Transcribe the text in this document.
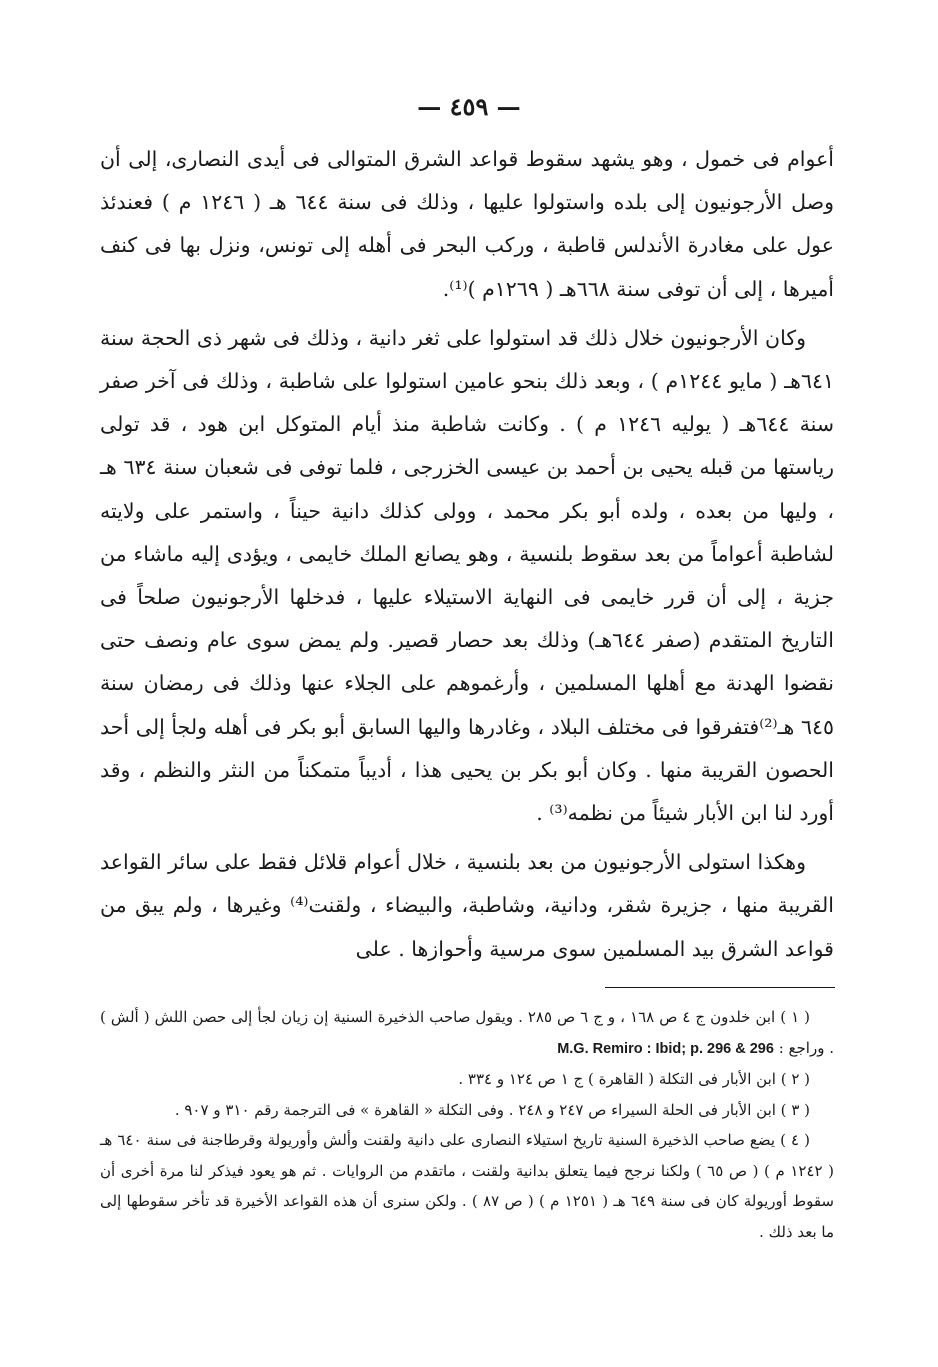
— ٤٥٩ —

أعوام فى خمول ، وهو يشهد سقوط قواعد الشرق المتوالى فى أيدى النصارى، إلى أن وصل الأرجونيون إلى بلده واستولوا عليها ، وذلك فى سنة ٦٤٤ هـ ( ١٢٤٦ م ) فعندئذ عول على مغادرة الأندلس قاطبة ، وركب البحر فى أهله إلى تونس، ونزل بها فى كنف أميرها ، إلى أن توفى سنة ٦٦٨هـ ( ١٢٦٩م )⁽¹⁾.

وكان الأرجونيون خلال ذلك قد استولوا على ثغر دانية ، وذلك فى شهر ذى الحجة سنة ٦٤١هـ ( مايو ١٢٤٤م ) ، وبعد ذلك بنحو عامين استولوا على شاطبة ، وذلك فى آخر صفر سنة ٦٤٤هـ ( يوليه ١٢٤٦ م ) . وكانت شاطبة منذ أيام المتوكل ابن هود ، قد تولى رياستها من قبله يحيى بن أحمد بن عيسى الخزرجى ، فلما توفى فى شعبان سنة ٦٣٤ هـ ، وليها من بعده ، ولده أبو بكر محمد ، وولى كذلك دانية حيناً ، واستمر على ولايته لشاطبة أعواماً من بعد سقوط بلنسية ، وهو يصانع الملك خايمى ، ويؤدى إليه ماشاء من جزية ، إلى أن قرر خايمى فى النهاية الاستيلاء عليها ، فدخلها الأرجونيون صلحاً فى التاريخ المتقدم (صفر ٦٤٤هـ) وذلك بعد حصار قصير. ولم يمض سوى عام ونصف حتى نقضوا الهدنة مع أهلها المسلمين ، وأرغموهم على الجلاء عنها وذلك فى رمضان سنة ٦٤٥ هـ⁽²⁾فتفرقوا فى مختلف البلاد ، وغادرها واليها السابق أبو بكر فى أهله ولجأ إلى أحد الحصون القريبة منها . وكان أبو بكر بن يحيى هذا ، أديباً متمكناً من النثر والنظم ، وقد أورد لنا ابن الأبار شيئاً من نظمه⁽³⁾ .

وهكذا استولى الأرجونيون من بعد بلنسية ، خلال أعوام قلائل فقط على سائر القواعد القريبة منها ، جزيرة شقر، ودانية، وشاطبة، والبيضاء ، ولقنت⁽⁴⁾ وغيرها ، ولم يبق من قواعد الشرق بيد المسلمين سوى مرسية وأحوازها . على

( ١ ) ابن خلدون ج ٤ ص ١٦٨ ، و ج ٦ ص ٢٨٥ . ويقول صاحب الذخيرة السنية إن زيان لجأ إلى حصن اللش ( ألش ) . وراجع : M.G. Remiro : Ibid; p. 296 & 296

( ٢ ) ابن الأبار فى التكلة ( القاهرة ) ج ١ ص ١٢٤ و ٣٣٤ .

( ٣ ) ابن الأبار فى الحلة السيراء ص ٢٤٧ و ٢٤٨ . وفى التكلة « القاهرة » فى الترجمة رقم ٣١٠ و ٩٠٧ .

( ٤ ) يضع صاحب الذخيرة السنية تاريخ استيلاء النصارى على دانية ولقنت وألش وأوريولة وقرطاجنة فى سنة ٦٤٠ هـ ( ١٢٤٢ م ) ( ص ٦٥ ) ولكنا نرجح فيما يتعلق بدانية ولقنت ، ماتقدم من الروايات . ثم هو يعود فيذكر لنا مرة أخرى أن سقوط أوريولة كان فى سنة ٦٤٩ هـ ( ١٢٥١ م ) ( ص ٨٧ ) . ولكن سنرى أن هذه القواعد الأخيرة قد تأخر سقوطها إلى ما بعد ذلك .
